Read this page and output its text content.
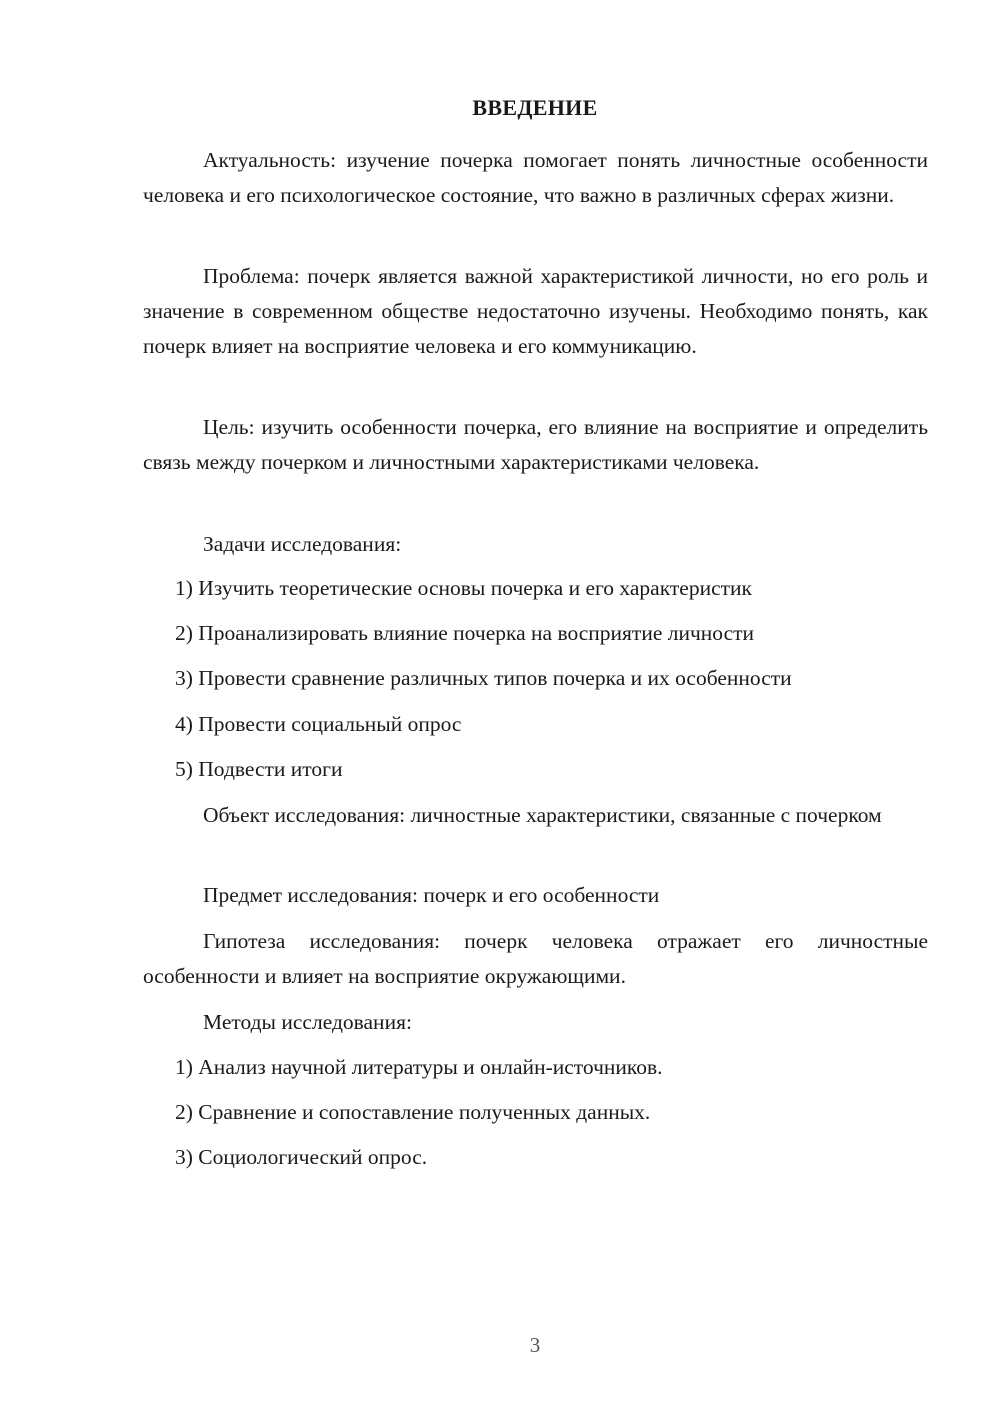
ВВЕДЕНИЕ
Актуальность: изучение почерка помогает понять личностные особенности человека и его психологическое состояние, что важно в различных сферах жизни.
Проблема: почерк является важной характеристикой личности, но его роль и значение в современном обществе недостаточно изучены. Необходимо понять, как почерк влияет на восприятие человека и его коммуникацию.
Цель: изучить особенности почерка, его влияние на восприятие и определить связь между почерком и личностными характеристиками человека.
Задачи исследования:
1) Изучить теоретические основы почерка и его характеристик
2) Проанализировать влияние почерка на восприятие личности
3) Провести сравнение различных типов почерка и их особенности
4) Провести социальный опрос
5) Подвести итоги
Объект исследования: личностные характеристики, связанные с почерком
Предмет исследования: почерк и его особенности
Гипотеза исследования: почерк человека отражает его личностные особенности и влияет на восприятие окружающими.
Методы исследования:
1) Анализ научной литературы и онлайн-источников.
2) Сравнение и сопоставление полученных данных.
3) Социологический опрос.
3
